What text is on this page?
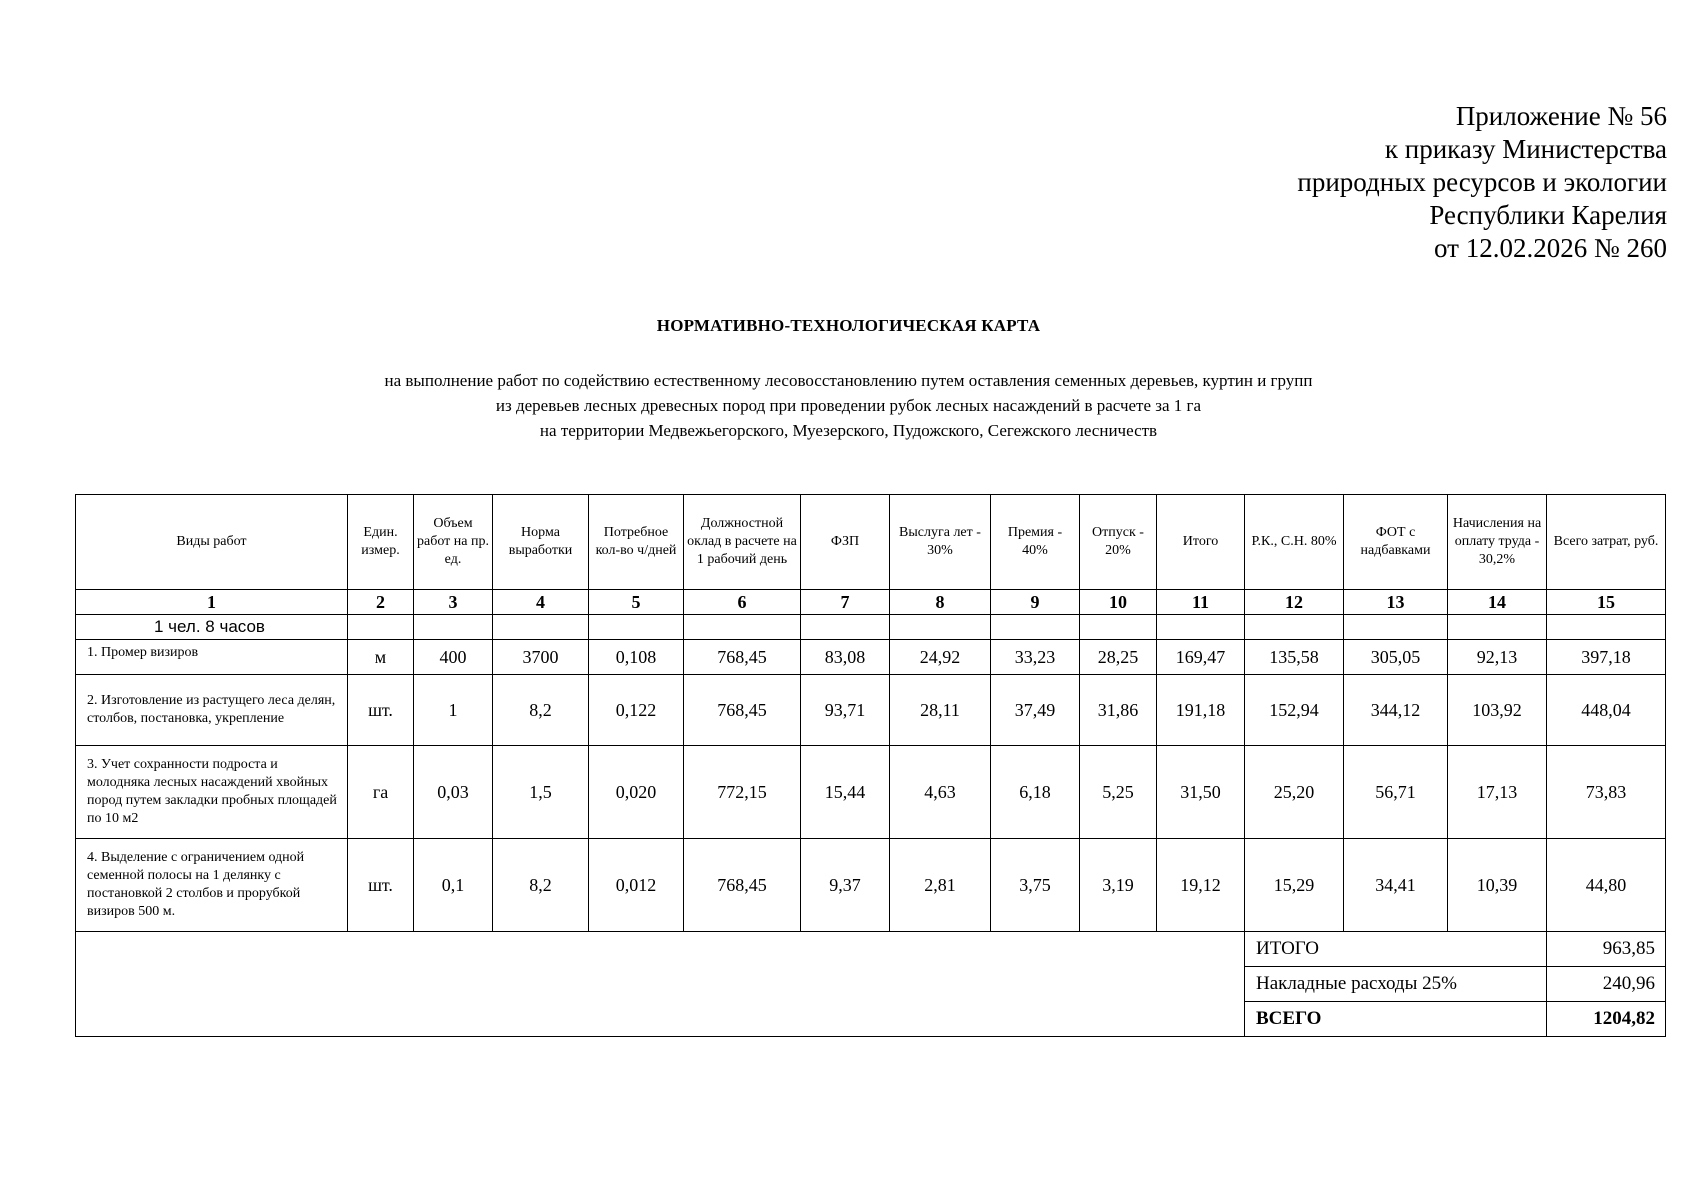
Приложение № 56
к приказу Министерства
природных ресурсов и экологии
Республики Карелия
от 12.02.2026 № 260
НОРМАТИВНО-ТЕХНОЛОГИЧЕСКАЯ КАРТА
на выполнение работ по содействию естественному лесовосстановлению путем оставления семенных деревьев, куртин и групп
из деревьев лесных древесных пород при проведении рубок лесных насаждений в расчете за 1 га
на территории Медвежьегорского, Муезерского, Пудожского, Сегежского лесничеств
Виды работ	Един. измер.	Объем работ на пр. ед.	Норма выработки	Потребное кол-во ч/дней	Должностной оклад в расчете на 1 рабочий день	ФЗП	Выслуга лет - 30%	Премия - 40%	Отпуск - 20%	Итого	Р.К., С.Н. 80%	ФОТ с надбавками	Начисления на оплату труда - 30,2%	Всего затрат, руб.
1	2	3	4	5	6	7	8	9	10	11	12	13	14	15
1 чел. 8 часов														
1. Промер визиров	м	400	3700	0,108	768,45	83,08	24,92	33,23	28,25	169,47	135,58	305,05	92,13	397,18
2. Изготовление из растущего леса делян, столбов, постановка, укрепление	шт.	1	8,2	0,122	768,45	93,71	28,11	37,49	31,86	191,18	152,94	344,12	103,92	448,04
3. Учет сохранности подроста и молодняка лесных насаждений хвойных пород путем закладки пробных площадей по 10 м2	га	0,03	1,5	0,020	772,15	15,44	4,63	6,18	5,25	31,50	25,20	56,71	17,13	73,83
4. Выделение с ограничением одной семенной полосы на 1 делянку с постановкой 2 столбов и прорубкой визиров 500 м.	шт.	0,1	8,2	0,012	768,45	9,37	2,81	3,75	3,19	19,12	15,29	34,41	10,39	44,80
											ИТОГО			963,85
											Накладные расходы 25%			240,96
											ВСЕГО			1204,82
